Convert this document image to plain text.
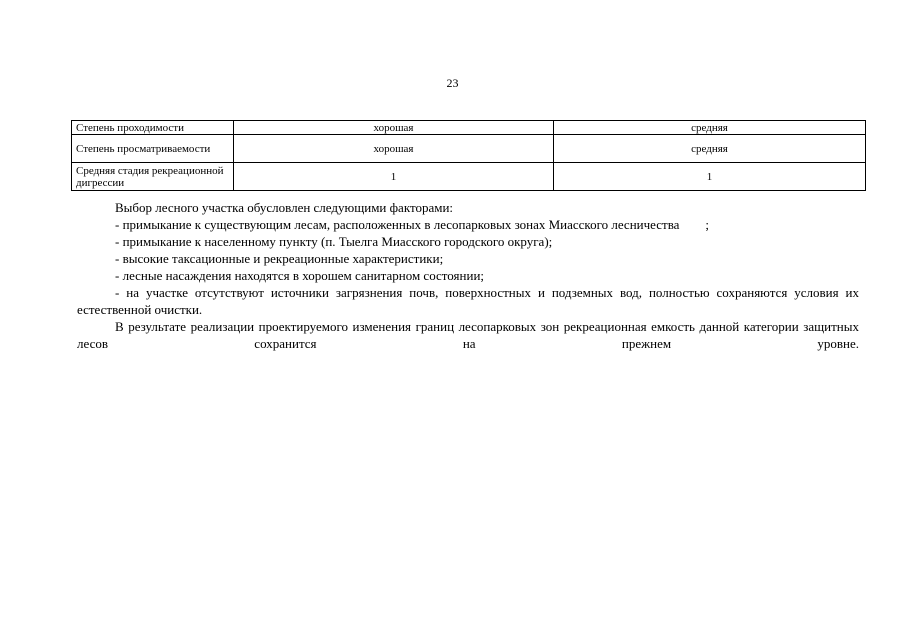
23
Степень проходимости	хорошая	средняя
Степень просматриваемости	хорошая	средняя
Средняя стадия рекреационной дигрессии	1	1

Выбор лесного участка обусловлен следующими факторами:

- примыкание к существующим лесам, расположенных в лесопарковых зонах Миасского лесничества        ;

- примыкание к населенному пункту (п. Тыелга Миасского городского округа);

- высокие таксационные и рекреационные характеристики;

- лесные насаждения находятся в хорошем санитарном состоянии;

- на участке отсутствуют источники загрязнения почв, поверхностных и подземных вод, полностью сохраняются условия их естественной очистки.

В результате реализации проектируемого изменения границ лесопарковых зон рекреационная емкость данной категории защитных лесов сохранится на прежнем уровне.
